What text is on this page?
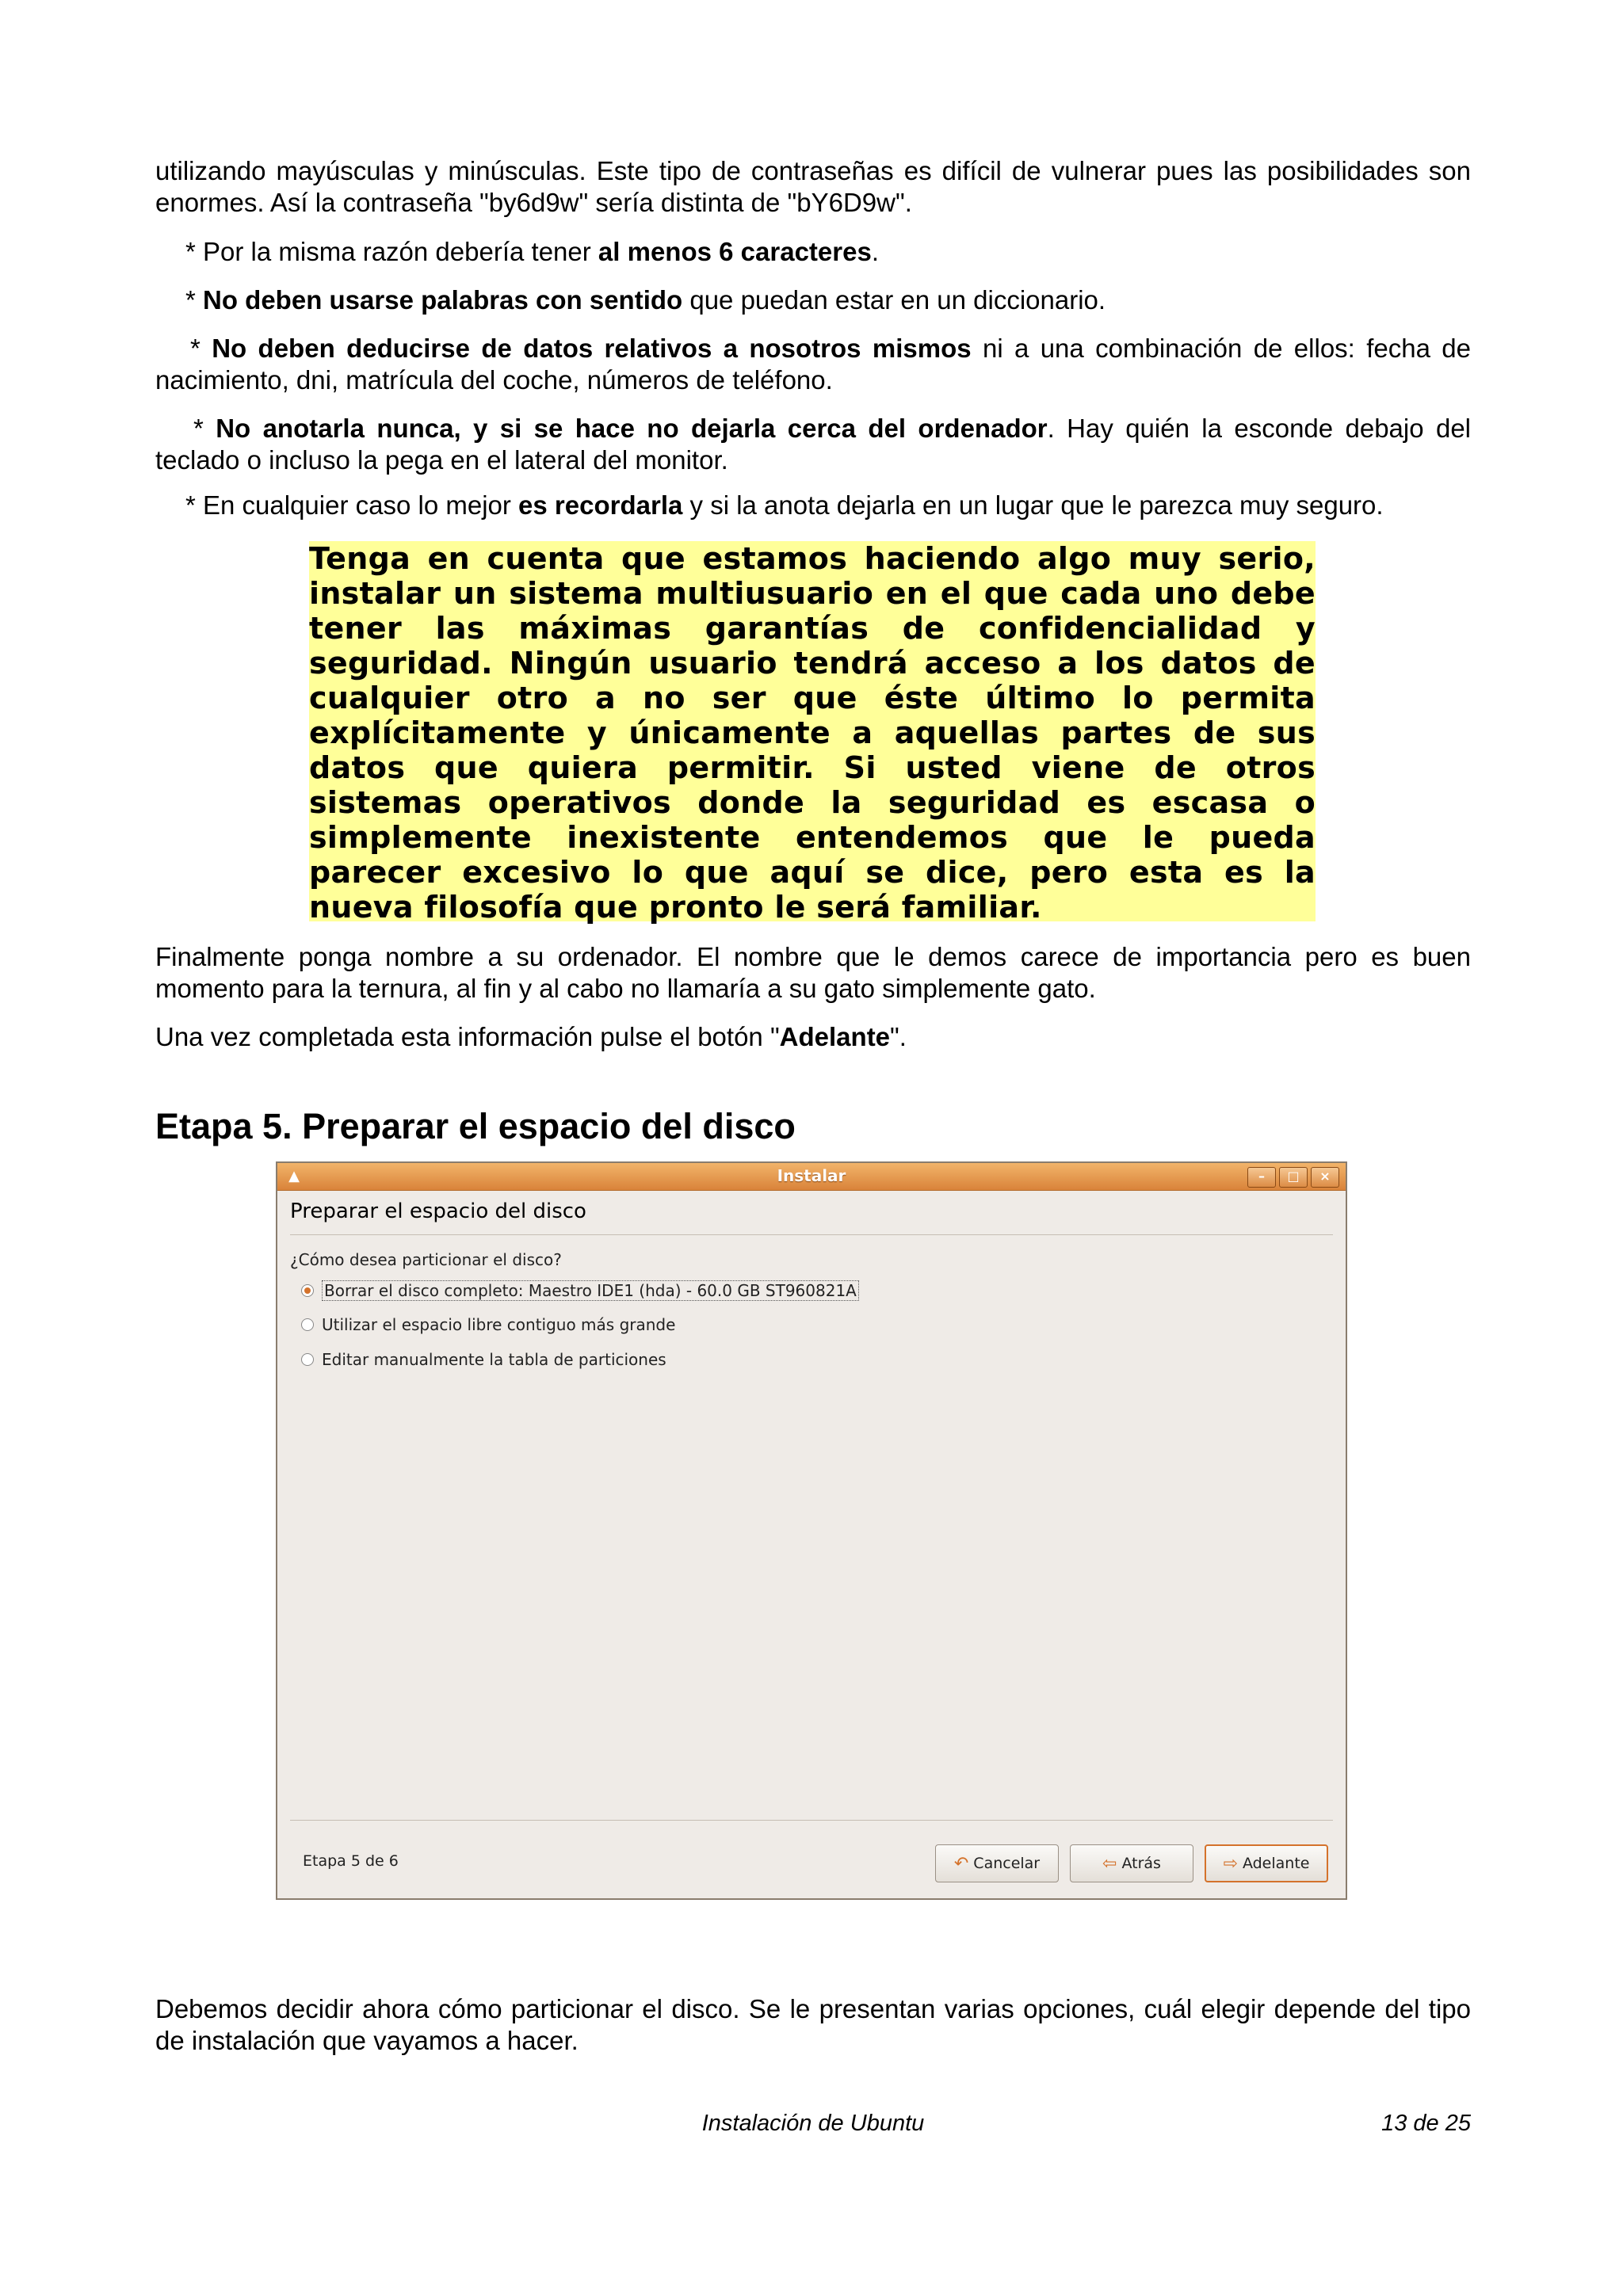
utilizando mayúsculas y minúsculas. Este tipo de contraseñas es difícil de vulnerar pues las posibilidades son enormes. Así la contraseña "by6d9w" sería distinta de "bY6D9w".

* Por la misma razón debería tener al menos 6 caracteres.

* No deben usarse palabras con sentido que puedan estar en un diccionario.

* No deben deducirse de datos relativos a nosotros mismos ni a una combinación de ellos: fecha de nacimiento, dni, matrícula del coche, números de teléfono.

* No anotarla nunca, y si se hace no dejarla cerca del ordenador. Hay quién la esconde debajo del teclado o incluso la pega en el lateral del monitor.

* En cualquier caso lo mejor es recordarla y si la anota dejarla en un lugar que le parezca muy seguro.

Tenga en cuenta que estamos haciendo algo muy serio, instalar un sistema multiusuario en el que cada uno debe tener las máximas garantías de confidencialidad y seguridad. Ningún usuario tendrá acceso a los datos de cualquier otro a no ser que éste último lo permita explícitamente y únicamente a aquellas partes de sus datos que quiera permitir. Si usted viene de otros sistemas operativos donde la seguridad es escasa o simplemente inexistente entendemos que le pueda parecer excesivo lo que aquí se dice, pero esta es la nueva filosofía que pronto le será familiar.

Finalmente ponga nombre a su ordenador. El nombre que le demos carece de importancia pero es buen momento para la ternura, al fin y al cabo no llamaría a su gato simplemente gato.

Una vez completada esta información pulse el botón "Adelante".

Etapa 5. Preparar el espacio del disco
▲	Instalar	–	□	×
Preparar el espacio del disco
¿Cómo desea particionar el disco?
Borrar el disco completo: Maestro IDE1 (hda) - 60.0 GB ST960821A
Utilizar el espacio libre contiguo más grande
Editar manualmente la tabla de particiones
Etapa 5 de 6	↶ Cancelar	⇦ Atrás	⇨ Adelante

Debemos decidir ahora cómo particionar el disco. Se le presentan varias opciones, cuál elegir depende del tipo de instalación que vayamos a hacer.

Instalación de Ubuntu	13 de 25
